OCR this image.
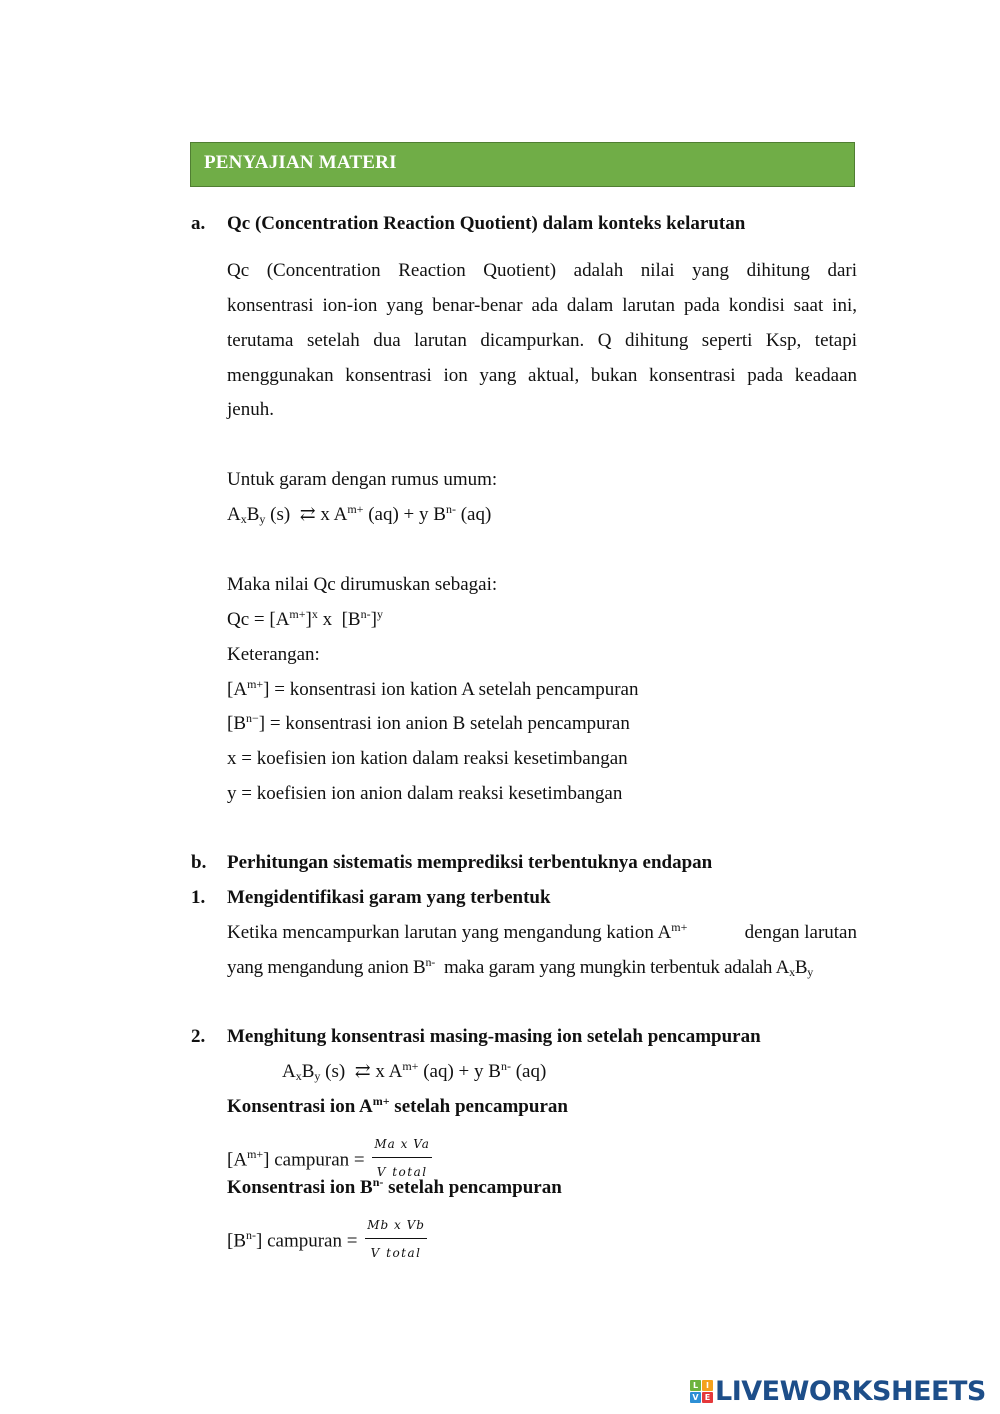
PENYAJIAN MATERI
a. Qc (Concentration Reaction Quotient) dalam konteks kelarutan
Qc (Concentration Reaction Quotient) adalah nilai yang dihitung dari
konsentrasi ion-ion yang benar-benar ada dalam larutan pada kondisi saat ini,
terutama setelah dua larutan dicampurkan. Q dihitung seperti Ksp, tetapi
menggunakan konsentrasi ion yang aktual, bukan konsentrasi pada keadaan
jenuh.
Untuk garam dengan rumus umum:
$A_xB_y$ (s) ⇄ x $A^{m+}$ (aq) + y $B^{n-}$ (aq)
Maka nilai Qc dirumuskan sebagai:
$Qc = [A^{m+}]^x$ x  $[B^{n-}]^y$
Keterangan:
$[A^{m+}]$ = konsentrasi ion kation A setelah pencampuran
$[B^{n-}]$ = konsentrasi ion anion B setelah pencampuran
x = koefisien ion kation dalam reaksi kesetimbangan
y = koefisien ion anion dalam reaksi kesetimbangan
b. Perhitungan sistematis memprediksi terbentuknya endapan
1. Mengidentifikasi garam yang terbentuk
Ketika mencampurkan larutan yang mengandung kation $A^{m+}$	dengan larutan
yang mengandung anion $B^{n-}$  maka garam yang mungkin terbentuk adalah $A_xB_y$
2. Menghitung konsentrasi masing-masing ion setelah pencampuran
$A_xB_y$ (s) ⇄ x $A^{m+}$ (aq) + y $B^{n-}$ (aq)
Konsentrasi ion $A^{m+}$ setelah pencampuran
$[A^{m+}]$ campuran = $\frac{\text{Ma x Va}}{\text{V total}}$
Konsentrasi ion $B^{n-}$ setelah pencampuran
$[B^{n-}]$ campuran = $\frac{\text{Mb x Vb}}{\text{V total}}$
L I
V E LIVEWORKSHEETS
